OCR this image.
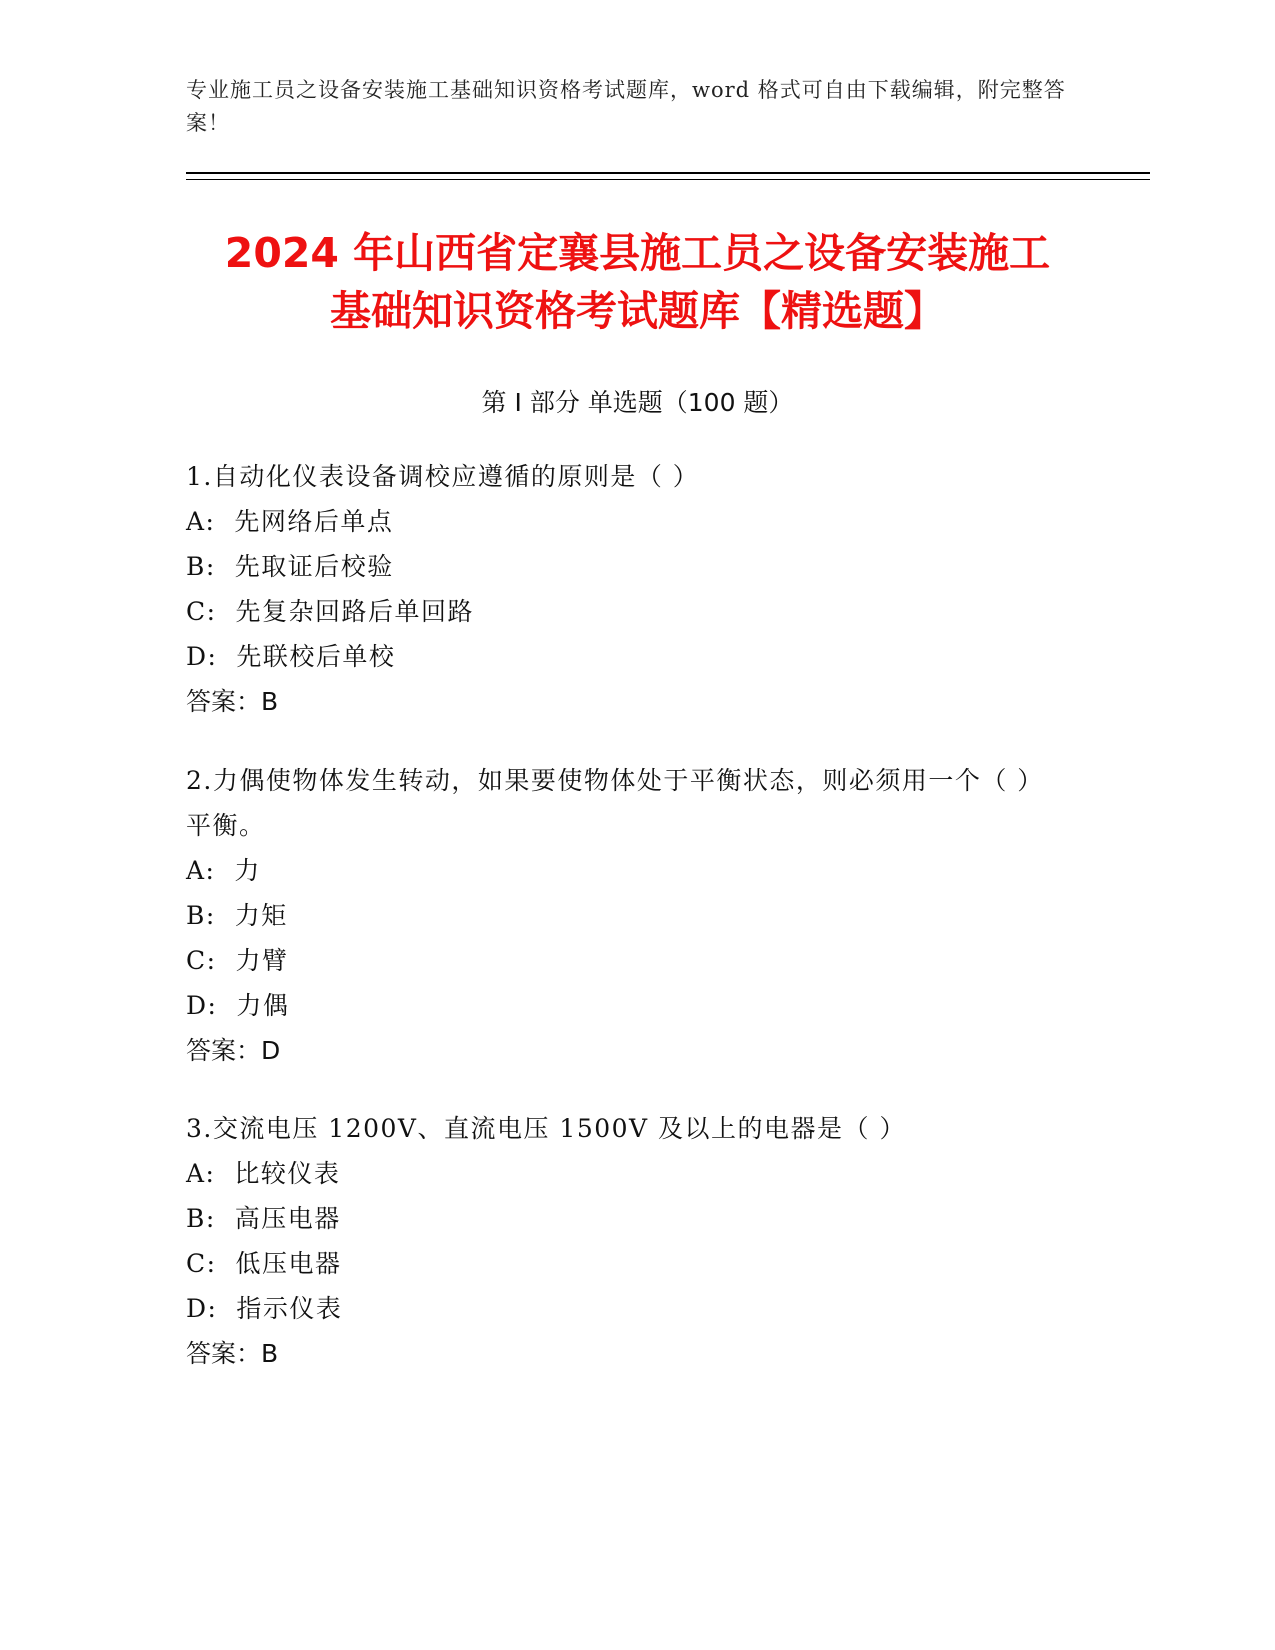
专业施工员之设备安装施工基础知识资格考试题库，word 格式可自由下载编辑，附完整答案！
2024 年山西省定襄县施工员之设备安装施工
基础知识资格考试题库【精选题】
第 I 部分 单选题（100 题）
1.自动化仪表设备调校应遵循的原则是（ ）
A:  先网络后单点
B:  先取证后校验
C:  先复杂回路后单回路
D:  先联校后单校
答案：B
2.力偶使物体发生转动，如果要使物体处于平衡状态，则必须用一个（ ）平衡。
A:  力
B:  力矩
C:  力臂
D:  力偶
答案：D
3.交流电压 1200V、直流电压 1500V 及以上的电器是（ ）
A:  比较仪表
B:  高压电器
C:  低压电器
D:  指示仪表
答案：B
